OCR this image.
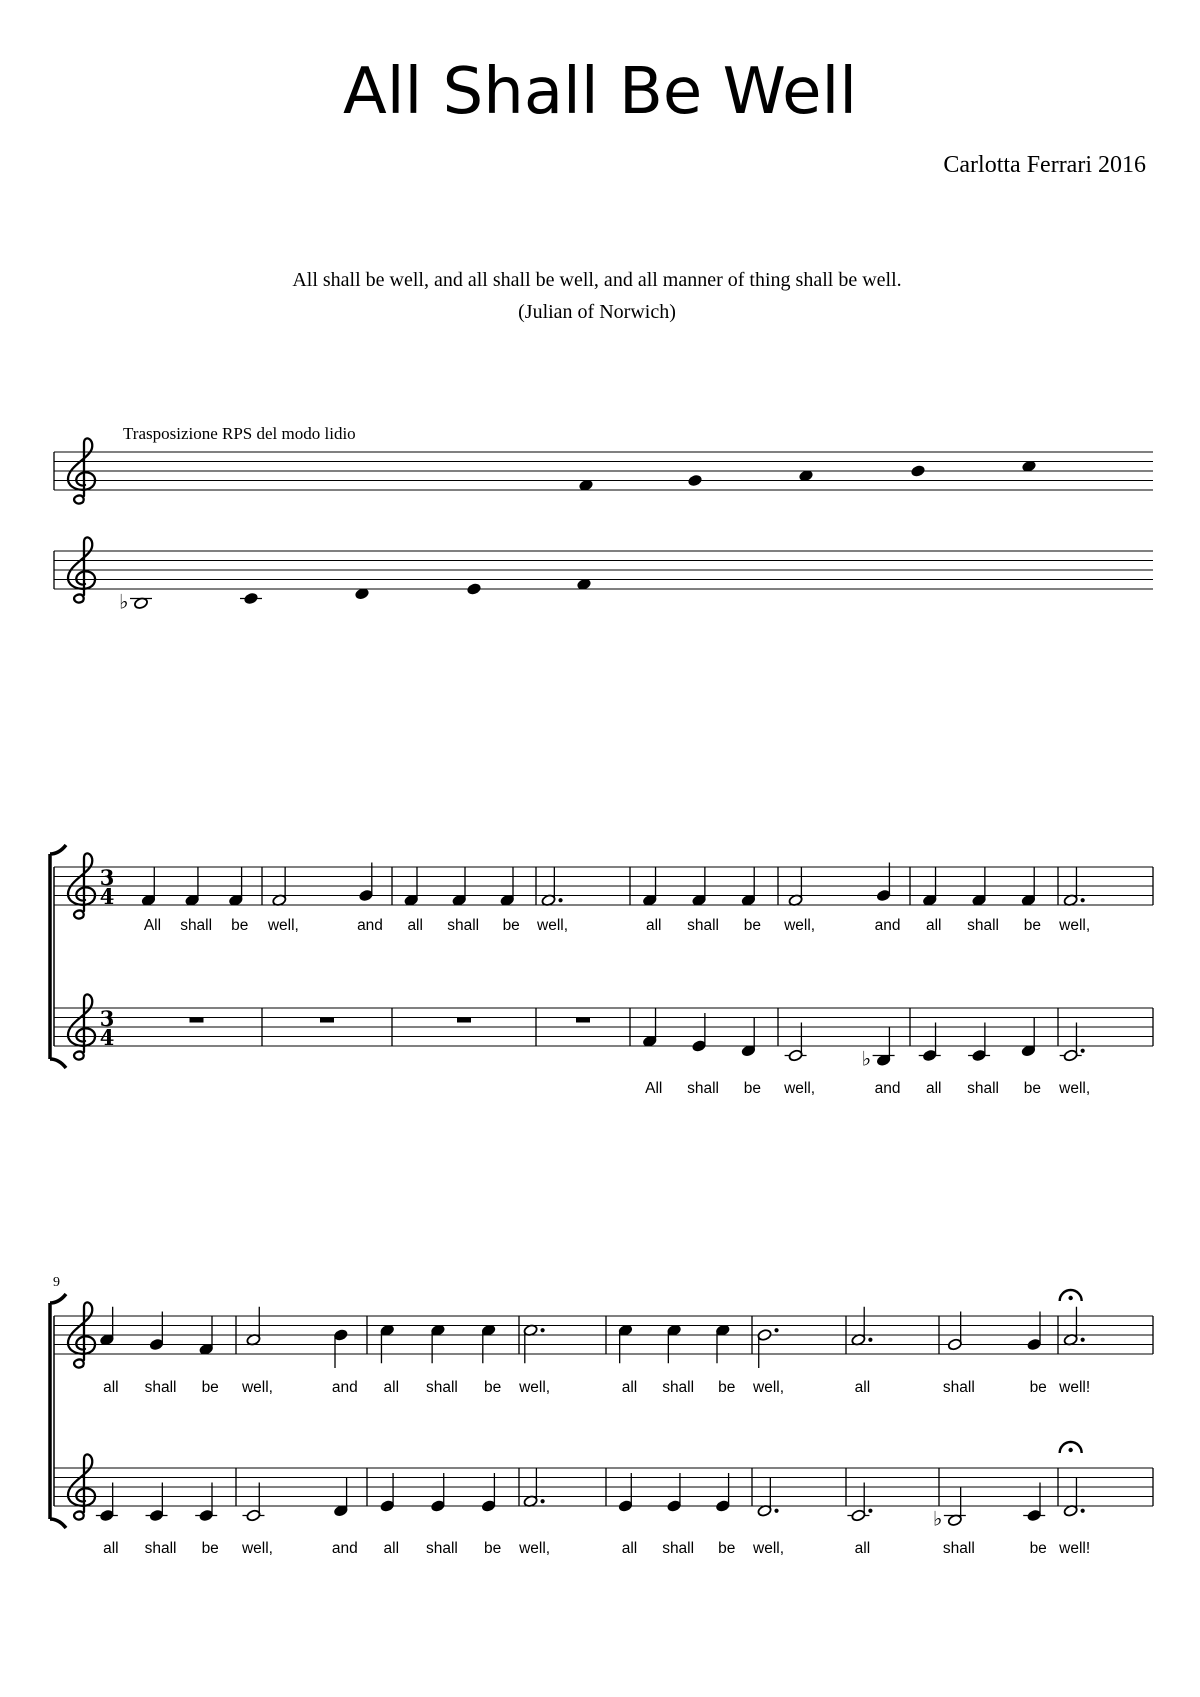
All Shall Be Well
Carlotta Ferrari 2016
All shall be well, and all shall be well, and all manner of thing shall be well.
(Julian of Norwich)
Trasposizione RPS del modo lidio
9
♭
3
4
3
4
All shall be well,	and all shall be well,	all shall be
All shall be
well,	and
well,
♭
and
all shall be
all shall be
well,
well,
all shall be
all shall be
well,	and
well,	and
all shall be
all shall be
well,
well,
all shall be
all shall be
well,
well,
all
all
shall	be
♭
shall	be
well!
well!
